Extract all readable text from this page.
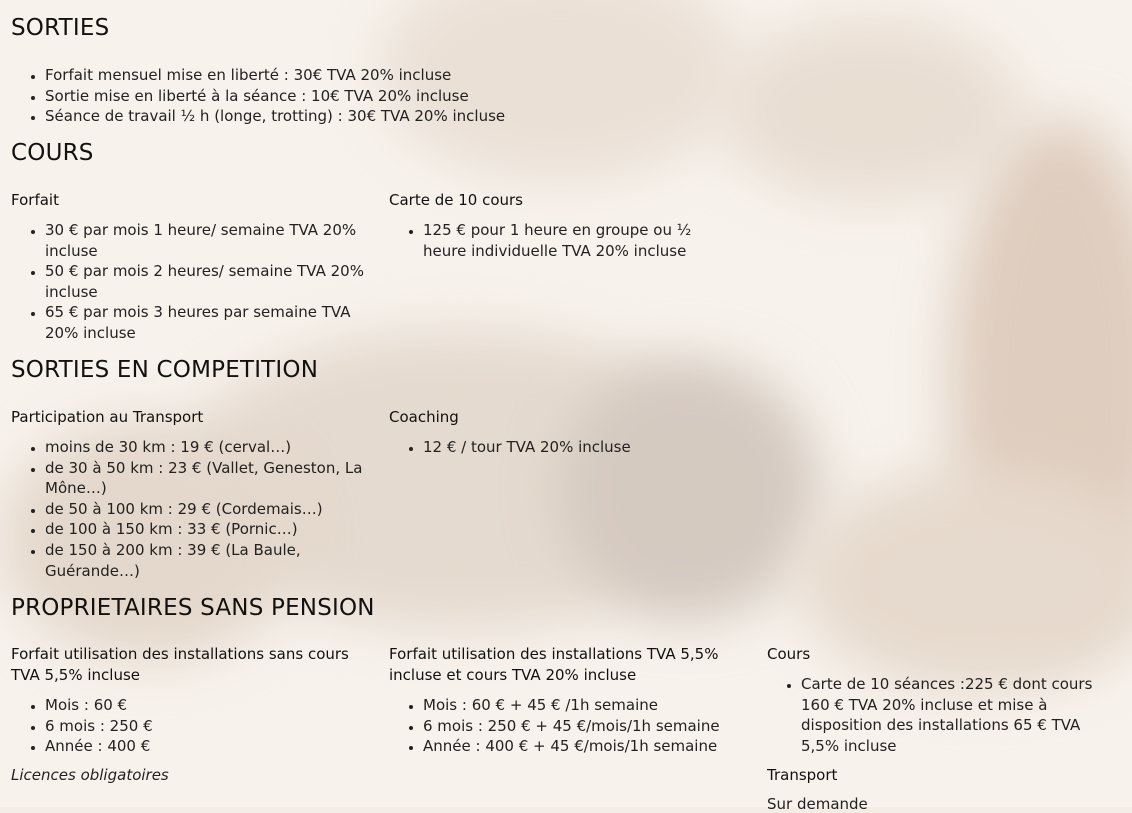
SORTIES
• Forfait mensuel mise en liberté : 30€ TVA 20% incluse
• Sortie mise en liberté à la séance : 10€ TVA 20% incluse
• Séance de travail ½ h (longe, trotting) : 30€ TVA 20% incluse
COURS
Forfait
• 30 € par mois 1 heure/ semaine TVA 20% incluse
• 50 € par mois 2 heures/ semaine TVA 20% incluse
• 65 € par mois 3 heures par semaine TVA 20% incluse
Carte de 10 cours
• 125 € pour 1 heure en groupe ou ½ heure individuelle TVA 20% incluse
SORTIES EN COMPETITION
Participation au Transport
• moins de 30 km : 19 € (cerval…)
• de 30 à 50 km : 23 € (Vallet, Geneston, La Mône…)
• de 50 à 100 km : 29 € (Cordemais…)
• de 100 à 150 km : 33 € (Pornic…)
• de 150 à 200 km : 39 € (La Baule, Guérande…)
Coaching
• 12 € / tour TVA 20% incluse
PROPRIETAIRES SANS PENSION
Forfait utilisation des installations sans cours TVA 5,5% incluse
• Mois : 60 €
• 6 mois : 250 €
• Année : 400 €
Licences obligatoires
Forfait utilisation des installations TVA 5,5% incluse et cours TVA 20% incluse
• Mois : 60 € + 45 € /1h semaine
• 6 mois : 250 € + 45 €/mois/1h semaine
• Année : 400 € + 45 €/mois/1h semaine
Cours
• Carte de 10 séances :225 € dont cours 160 € TVA 20% incluse et mise à disposition des installations 65 € TVA 5,5% incluse
Transport
Sur demande
